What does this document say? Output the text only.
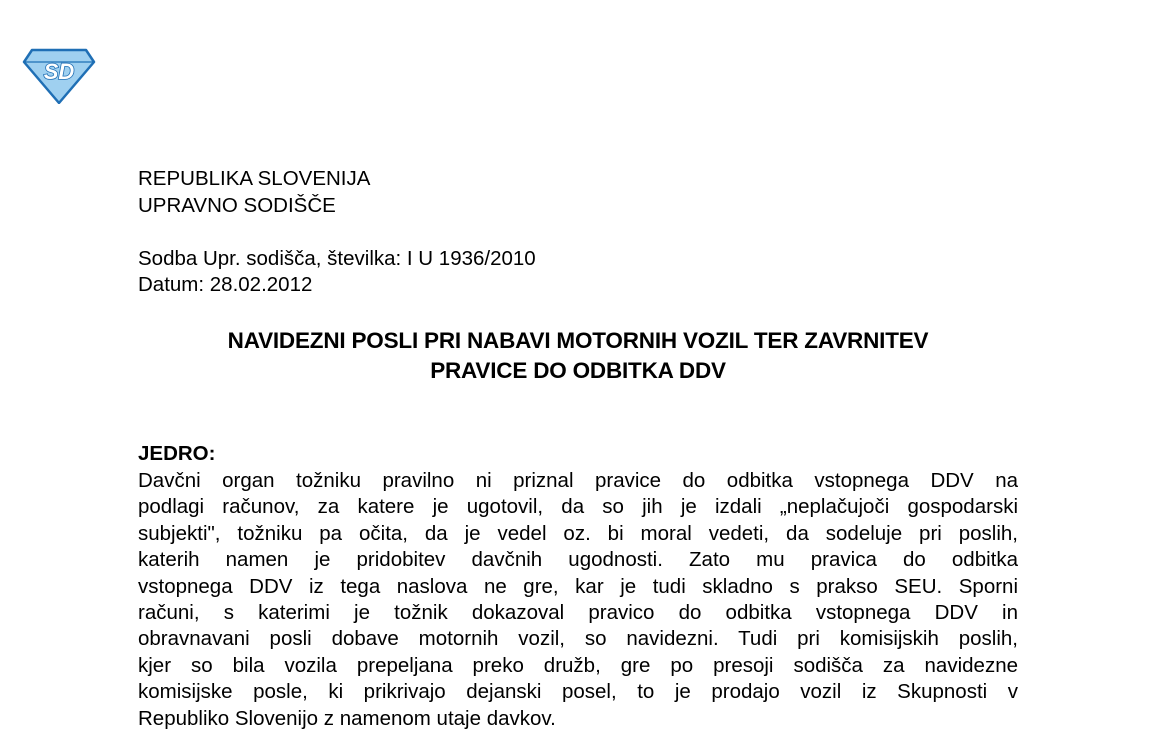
SD
REPUBLIKA SLOVENIJA
UPRAVNO SODIŠČE
Sodba Upr. sodišča, številka: I U 1936/2010
Datum: 28.02.2012
NAVIDEZNI POSLI PRI NABAVI MOTORNIH VOZIL TER ZAVRNITEV
PRAVICE DO ODBITKA DDV
JEDRO:
Davčni organ tožniku pravilno ni priznal pravice do odbitka vstopnega DDV na
podlagi računov, za katere je ugotovil, da so jih je izdali „neplačujoči gospodarski
subjekti", tožniku pa očita, da je vedel oz. bi moral vedeti, da sodeluje pri poslih,
katerih namen je pridobitev davčnih ugodnosti. Zato mu pravica do odbitka
vstopnega DDV iz tega naslova ne gre, kar je tudi skladno s prakso SEU. Sporni
računi, s katerimi je tožnik dokazoval pravico do odbitka vstopnega DDV in
obravnavani posli dobave motornih vozil, so navidezni. Tudi pri komisijskih poslih,
kjer so bila vozila prepeljana preko družb, gre po presoji sodišča za navidezne
komisijske posle, ki prikrivajo dejanski posel, to je prodajo vozil iz Skupnosti v
Republiko Slovenijo z namenom utaje davkov.
